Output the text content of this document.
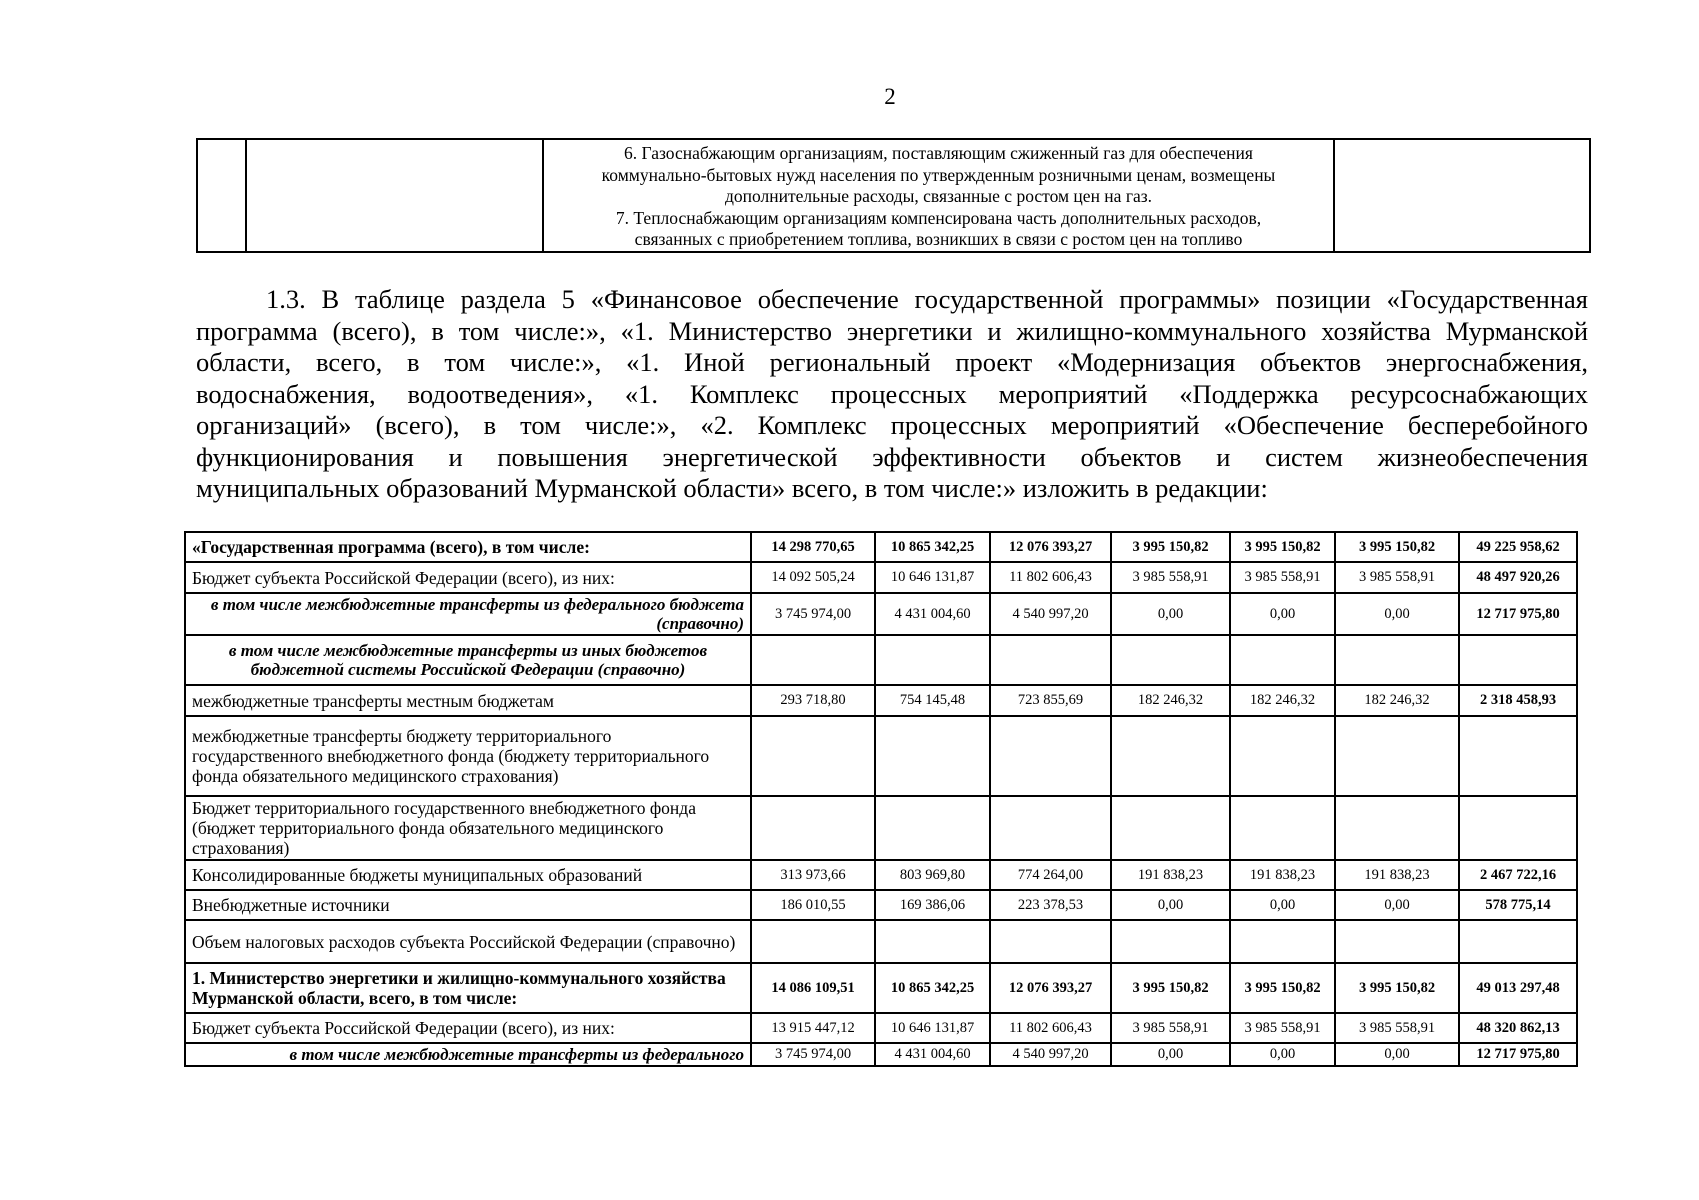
2

6. Газоснабжающим организациям, поставляющим сжиженный газ для обеспечения

коммунально-бытовых нужд населения по утвержденным розничными ценам, возмещены

дополнительные расходы, связанные с ростом цен на газ.

7. Теплоснабжающим организациям компенсирована часть дополнительных расходов,

связанных с приобретением топлива, возникших в связи с ростом цен на топливо

1.3. В таблице раздела 5 «Финансовое обеспечение государственной программы» позиции «Государственная
программа (всего), в том числе:», «1. Министерство энергетики и жилищно-коммунального хозяйства Мурманской
области, всего, в том числе:», «1. Иной региональный проект «Модернизация объектов энергоснабжения,
водоснабжения, водоотведения», «1. Комплекс процессных мероприятий «Поддержка ресурсоснабжающих
организаций» (всего), в том числе:», «2. Комплекс процессных мероприятий «Обеспечение бесперебойного
функционирования и повышения энергетической эффективности объектов и систем жизнеобеспечения
муниципальных образований Мурманской области» всего, в том числе:» изложить в редакции:
«Государственная программа (всего), в том числе:	14 298 770,65	10 865 342,25	12 076 393,27	3 995 150,82	3 995 150,82	3 995 150,82	49 225 958,62
Бюджет субъекта Российской Федерации (всего), из них:	14 092 505,24	10 646 131,87	11 802 606,43	3 985 558,91	3 985 558,91	3 985 558,91	48 497 920,26
в том числе межбюджетные трансферты из федерального бюджета (справочно)	3 745 974,00	4 431 004,60	4 540 997,20	0,00	0,00	0,00	12 717 975,80
в том числе межбюджетные трансферты из иных бюджетов бюджетной системы Российской Федерации (справочно)							
межбюджетные трансферты местным бюджетам	293 718,80	754 145,48	723 855,69	182 246,32	182 246,32	182 246,32	2 318 458,93
межбюджетные трансферты бюджету территориального государственного внебюджетного фонда (бюджету территориального фонда обязательного медицинского страхования)							
Бюджет территориального государственного внебюджетного фонда (бюджет территориального фонда обязательного медицинского страхования)							
Консолидированные бюджеты муниципальных образований	313 973,66	803 969,80	774 264,00	191 838,23	191 838,23	191 838,23	2 467 722,16
Внебюджетные источники	186 010,55	169 386,06	223 378,53	0,00	0,00	0,00	578 775,14
Объем налоговых расходов субъекта Российской Федерации (справочно)							
1. Министерство энергетики и жилищно-коммунального хозяйства Мурманской области, всего, в том числе:	14 086 109,51	10 865 342,25	12 076 393,27	3 995 150,82	3 995 150,82	3 995 150,82	49 013 297,48
Бюджет субъекта Российской Федерации (всего), из них:	13 915 447,12	10 646 131,87	11 802 606,43	3 985 558,91	3 985 558,91	3 985 558,91	48 320 862,13
в том числе межбюджетные трансферты из федерального	3 745 974,00	4 431 004,60	4 540 997,20	0,00	0,00	0,00	12 717 975,80
